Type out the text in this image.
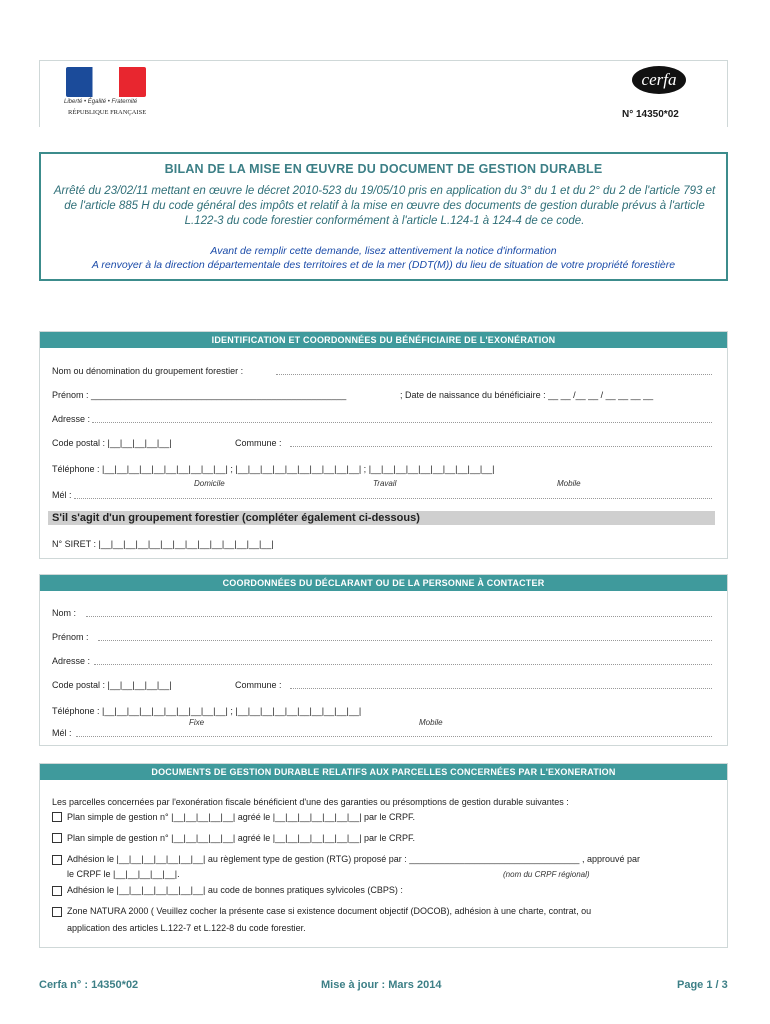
Liberté • Égalité • Fraternité
RÉPUBLIQUE FRANÇAISE
cerfa
N° 14350*02
BILAN DE LA MISE EN ŒUVRE DU DOCUMENT DE GESTION DURABLE
Arrêté du 23/02/11 mettant en œuvre le décret 2010-523 du 19/05/10 pris en application du 3° du 1 et du 2° du 2 de l'article 793 et de l'article 885 H du code général des impôts et relatif à la mise en œuvre des documents de gestion durable prévus à l'article L.122-3 du code forestier conformément à l'article L.124-1 à 124-4 de ce code.
Avant de remplir cette demande, lisez attentivement la notice d'information
A renvoyer à la direction départementale des territoires et de la mer (DDT(M)) du lieu de situation de votre propriété forestière
IDENTIFICATION ET COORDONNÉES DU BÉNÉFICIAIRE DE L'EXONÉRATION
Nom ou dénomination du groupement forestier :
Prénom : ___________________________________________________	; Date de naissance du bénéficiaire : __ __ /__ __ / __ __ __ __
Adresse :
Code postal : |__|__|__|__|__|	Commune :
Téléphone : |__|__|__|__|__|__|__|__|__|__| ; |__|__|__|__|__|__|__|__|__|__| ; |__|__|__|__|__|__|__|__|__|__|
Domicile	Travail	Mobile
Mél :
S'il s'agit d'un groupement forestier (compléter également ci-dessous)
N° SIRET : |__|__|__|__|__|__|__|__|__|__|__|__|__|__|
COORDONNÉES DU DÉCLARANT OU DE LA PERSONNE À CONTACTER
Nom :
Prénom :
Adresse :
Code postal : |__|__|__|__|__|	Commune :
Téléphone : |__|__|__|__|__|__|__|__|__|__| ; |__|__|__|__|__|__|__|__|__|__|
Fixe	Mobile
Mél :
DOCUMENTS DE GESTION DURABLE RELATIFS AUX PARCELLES CONCERNÉES PAR L'EXONERATION
Les parcelles concernées par l'exonération fiscale bénéficient d'une des garanties ou présomptions de gestion durable suivantes :
Plan simple de gestion n° |__|__|__|__|__| agréé le |__|__|__|__|__|__|__| par le CRPF.
Plan simple de gestion n° |__|__|__|__|__| agréé le |__|__|__|__|__|__|__| par le CRPF.
Adhésion le |__|__|__|__|__|__|__| au règlement type de gestion (RTG) proposé par : __________________________________ , approuvé par
le CRPF le |__|__|__|__|__|.	(nom du CRPF régional)
Adhésion le |__|__|__|__|__|__|__| au code de bonnes pratiques sylvicoles (CBPS) :
Zone NATURA 2000 ( Veuillez cocher la présente case si existence document objectif (DOCOB), adhésion à une charte, contrat, ou
application des articles L.122-7 et L.122-8 du code forestier.
Cerfa n° : 14350*02	Mise à jour : Mars 2014	Page 1 / 3
